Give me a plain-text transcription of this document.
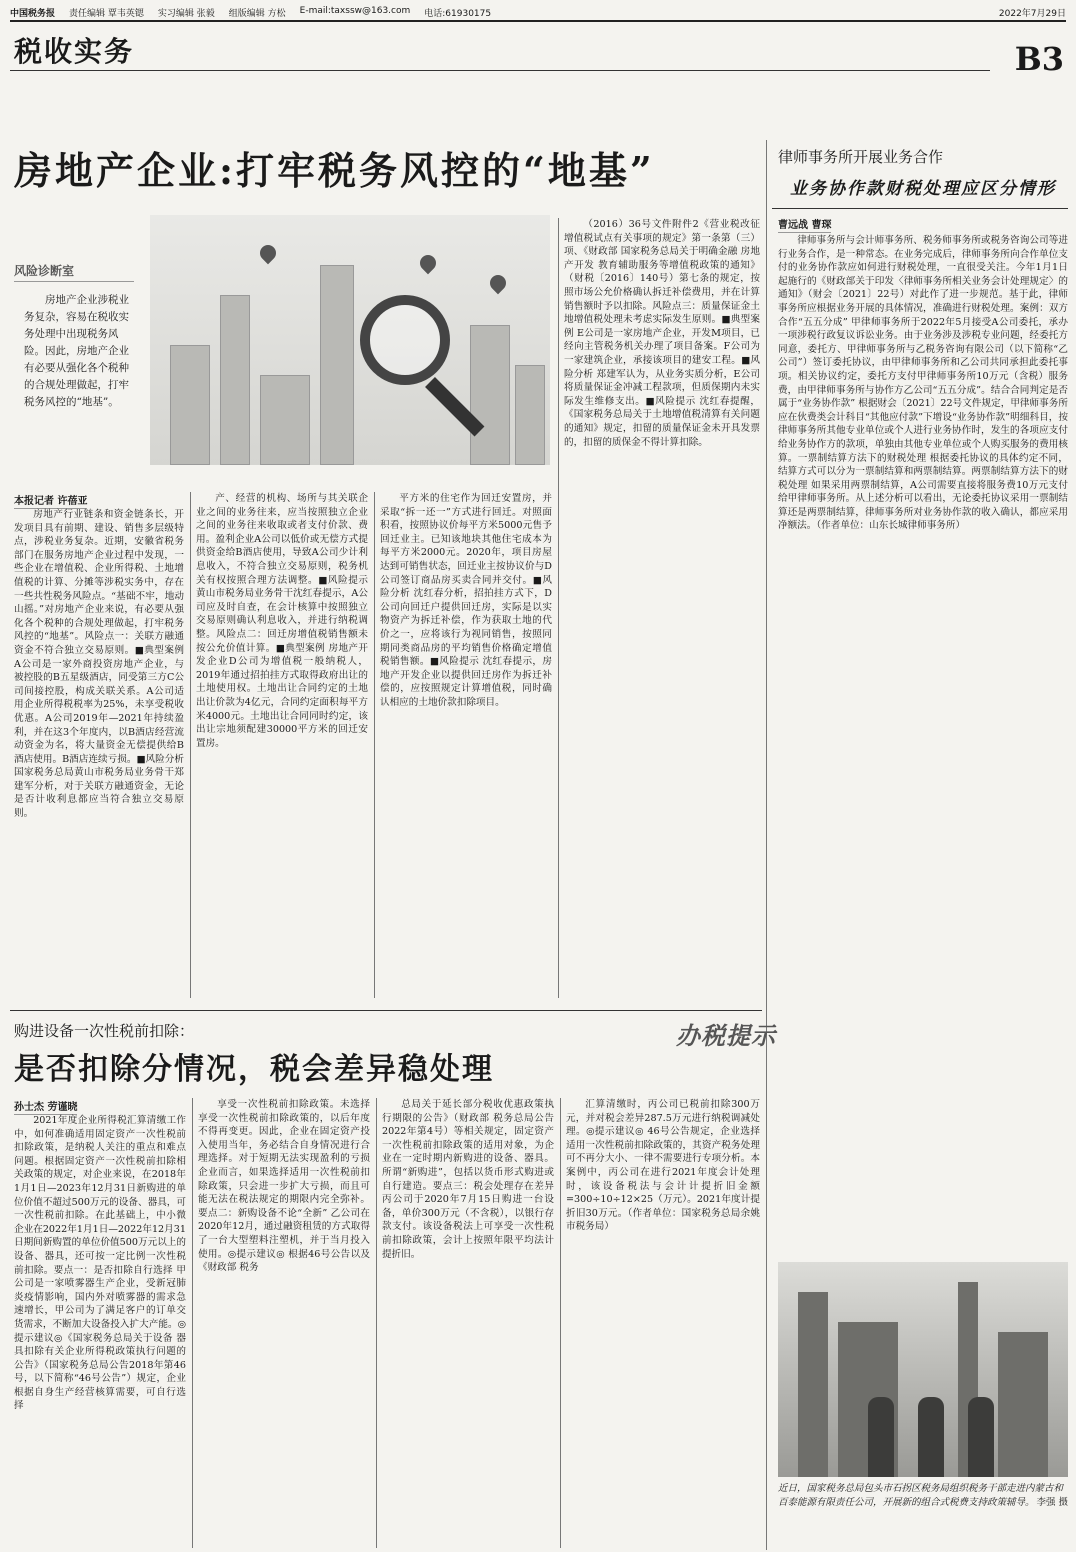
中国税务报 责任编辑 覃韦英锶 实习编辑 张毅 组版编辑 方松 E-mail:taxssw@163.com 电话:61930175	2022年7月29日
税收实务	B3
房地产企业:打牢税务风控的“地基”
风险诊断室
房地产企业涉税业务复杂，容易在税收实务处理中出现税务风险。因此，房地产企业有必要从强化各个税种的合规处理做起，打牢税务风控的“地基”。
本报记者 许蓓亚

房地产行业链条和资金链条长，开发项目具有前期、建设、销售多层级特点，涉税业务复杂。近期，安徽省税务部门在服务房地产企业过程中发现，一些企业在增值税、企业所得税、土地增值税的计算、分摊等涉税实务中，存在一些共性税务风险点。“基础不牢，地动山摇。”对房地产企业来说，有必要从强化各个税种的合规处理做起，打牢税务风控的“地基”。风险点一：关联方融通资金不符合独立交易原则。■典型案例 A公司是一家外商投资房地产企业，与被控股的B五星级酒店，同受第三方C公司间接控股，构成关联关系。A公司适用企业所得税税率为25%，未享受税收优惠。A公司2019年—2021年持续盈利，并在这3个年度内，以B酒店经营流动资金为名，将大量资金无偿提供给B酒店使用。B酒店连续亏损。■风险分析 国家税务总局黄山市税务局业务骨干郑建军分析，对于关联方融通资金，无论是否计收利息都应当符合独立交易原则。

产、经营的机构、场所与其关联企业之间的业务往来，应当按照独立企业之间的业务往来收取或者支付价款、费用。盈利企业A公司以低价或无偿方式提供资金给B酒店使用，导致A公司少计利息收入，不符合独立交易原则，税务机关有权按照合理方法调整。■风险提示 黄山市税务局业务骨干沈红春提示，A公司应及时自查，在会计核算中按照独立交易原则确认利息收入，并进行纳税调整。风险点二：回迁房增值税销售额未按公允价值计算。■典型案例 房地产开发企业D公司为增值税一般纳税人，2019年通过招拍挂方式取得政府出让的土地使用权。土地出让合同约定的土地出让价款为4亿元，合同约定面积每平方米4000元。土地出让合同同时约定，该出让宗地须配建30000平方米的回迁安置房。

平方米的住宅作为回迁安置房，并采取“拆一还一”方式进行回迁。对照面积看，按照协议价每平方米5000元售予回迁业主。已知该地块其他住宅成本为每平方米2000元。2020年，项目房屋达到可销售状态，回迁业主按协议价与D公司签订商品房买卖合同并交付。■风险分析 沈红春分析，招拍挂方式下，D公司向回迁户提供回迁房，实际是以实物资产为拆迁补偿，作为获取土地的代价之一，应将该行为视同销售，按照同期同类商品房的平均销售价格确定增值税销售额。■风险提示 沈红春提示，房地产开发企业以提供回迁房作为拆迁补偿的，应按照规定计算增值税，同时确认相应的土地价款扣除项目。

（2016）36号文件附件2《营业税改征增值税试点有关事项的规定》第一条第（三）项、《财政部 国家税务总局关于明确金融 房地产开发 教育辅助服务等增值税政策的通知》（财税〔2016〕140号）第七条的规定，按照市场公允价格确认拆迁补偿费用，并在计算销售额时予以扣除。风险点三：质量保证金土地增值税处理未考虑实际发生原则。■典型案例 E公司是一家房地产企业，开发M项目，已经向主管税务机关办理了项目备案。F公司为一家建筑企业，承接该项目的建安工程。■风险分析 郑建军认为，从业务实质分析，E公司将质量保证金冲减工程款项，但质保期内未实际发生维修支出。■风险提示 沈红春提醒，《国家税务总局关于土地增值税清算有关问题的通知》规定，扣留的质量保证金未开具发票的，扣留的质保金不得计算扣除。

律师事务所开展业务合作
业务协作款财税处理应区分情形
曹远战 曹琛

律师事务所与会计师事务所、税务师事务所或税务咨询公司等进行业务合作，是一种常态。在业务完成后，律师事务所向合作单位支付的业务协作款应如何进行财税处理，一直很受关注。今年1月1日起施行的《财政部关于印发〈律师事务所相关业务会计处理规定〉的通知》（财会〔2021〕22号）对此作了进一步规范。基于此，律师事务所应根据业务开展的具体情况，准确进行财税处理。案例：双方合作“五五分成” 甲律师事务所于2022年5月接受A公司委托，承办一项涉税行政复议诉讼业务。由于业务涉及涉税专业问题，经委托方同意，委托方、甲律师事务所与乙税务咨询有限公司（以下简称“乙公司”）签订委托协议，由甲律师事务所和乙公司共同承担此委托事项。相关协议约定，委托方支付甲律师事务所10万元（含税）服务费，由甲律师事务所与协作方乙公司“五五分成”。结合合同判定是否属于“业务协作款” 根据财会〔2021〕22号文件规定，甲律师事务所应在伙费类会计科目“其他应付款”下增设“业务协作款”明细科目，按律师事务所其他专业单位或个人进行业务协作时，发生的各项应支付给业务协作方的款项，单独由其他专业单位或个人购买服务的费用核算。一票制结算方法下的财税处理 根据委托协议的具体约定不同，结算方式可以分为一票制结算和两票制结算。两票制结算方法下的财税处理 如果采用两票制结算，A公司需要直接将服务费10万元支付给甲律师事务所。从上述分析可以看出，无论委托协议采用一票制结算还是两票制结算，律师事务所对业务协作款的收入确认，都应采用净额法。（作者单位：山东长城律师事务所）

近日，国家税务总局包头市石拐区税务局组织税务干部走进内蒙古和百泰能源有限责任公司，开展新的组合式税费支持政策辅导。 李强 摄
购进设备一次性税前扣除：
是否扣除分情况，税会差异稳处理
办税提示
孙士杰 劳谨晓

2021年度企业所得税汇算清缴工作中，如何准确适用固定资产一次性税前扣除政策，是纳税人关注的重点和难点问题。根据固定资产一次性税前扣除相关政策的规定，对企业来说，在2018年1月1日—2023年12月31日新购进的单位价值不超过500万元的设备、器具，可一次性税前扣除。在此基础上，中小微企业在2022年1月1日—2022年12月31日期间新购置的单位价值500万元以上的设备、器具，还可按一定比例一次性税前扣除。要点一：是否扣除自行选择 甲公司是一家喷雾器生产企业，受新冠肺炎疫情影响，国内外对喷雾器的需求急速增长，甲公司为了满足客户的订单交货需求，不断加大设备投入扩大产能。◎提示建议◎《国家税务总局关于设备 器具扣除有关企业所得税政策执行问题的公告》（国家税务总局公告2018年第46号，以下简称“46号公告”）规定，企业根据自身生产经营核算需要，可自行选择

享受一次性税前扣除政策。未选择享受一次性税前扣除政策的，以后年度不得再变更。因此，企业在固定资产投入使用当年，务必结合自身情况进行合理选择。对于短期无法实现盈利的亏损企业而言，如果选择适用一次性税前扣除政策，只会进一步扩大亏损，而且可能无法在税法规定的期限内完全弥补。要点二：新购设备不论“全新” 乙公司在2020年12月，通过融资租赁的方式取得了一台大型塑料注塑机，并于当月投入使用。◎提示建议◎ 根据46号公告以及《财政部 税务

总局关于延长部分税收优惠政策执行期限的公告》（财政部 税务总局公告2022年第4号）等相关规定，固定资产一次性税前扣除政策的适用对象，为企业在一定时期内新购进的设备、器具。所谓“新购进”，包括以货币形式购进或自行建造。要点三：税会处理存在差异 丙公司于2020年7月15日购进一台设备，单价300万元（不含税），以银行存款支付。该设备税法上可享受一次性税前扣除政策，会计上按照年限平均法计提折旧。

汇算清缴时，丙公司已税前扣除300万元，并对税会差异287.5万元进行纳税调减处理。◎提示建议◎ 46号公告规定，企业选择适用一次性税前扣除政策的，其资产税务处理可不再分大小、一律不需要进行专项分析。本案例中，丙公司在进行2021年度会计处理时，该设备税法与会计计提折旧金额=300÷10÷12×25（万元）。2021年度计提折旧30万元。（作者单位：国家税务总局余姚市税务局）
